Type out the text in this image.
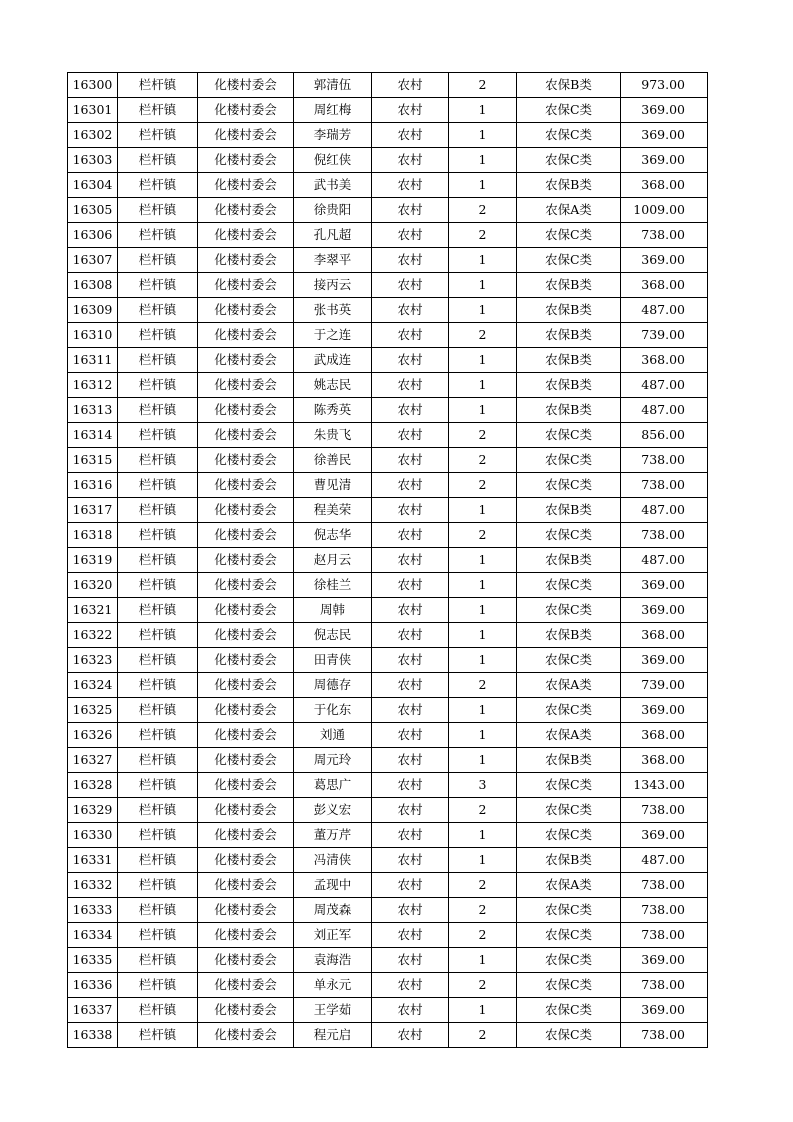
16300	栏杆镇	化楼村委会	郭清伍	农村	2	农保B类	973.00
16301	栏杆镇	化楼村委会	周红梅	农村	1	农保C类	369.00
16302	栏杆镇	化楼村委会	李瑞芳	农村	1	农保C类	369.00
16303	栏杆镇	化楼村委会	倪红侠	农村	1	农保C类	369.00
16304	栏杆镇	化楼村委会	武书美	农村	1	农保B类	368.00
16305	栏杆镇	化楼村委会	徐贵阳	农村	2	农保A类	1009.00
16306	栏杆镇	化楼村委会	孔凡超	农村	2	农保C类	738.00
16307	栏杆镇	化楼村委会	李翠平	农村	1	农保C类	369.00
16308	栏杆镇	化楼村委会	接丙云	农村	1	农保B类	368.00
16309	栏杆镇	化楼村委会	张书英	农村	1	农保B类	487.00
16310	栏杆镇	化楼村委会	于之连	农村	2	农保B类	739.00
16311	栏杆镇	化楼村委会	武成连	农村	1	农保B类	368.00
16312	栏杆镇	化楼村委会	姚志民	农村	1	农保B类	487.00
16313	栏杆镇	化楼村委会	陈秀英	农村	1	农保B类	487.00
16314	栏杆镇	化楼村委会	朱贵飞	农村	2	农保C类	856.00
16315	栏杆镇	化楼村委会	徐善民	农村	2	农保C类	738.00
16316	栏杆镇	化楼村委会	曹见清	农村	2	农保C类	738.00
16317	栏杆镇	化楼村委会	程美荣	农村	1	农保B类	487.00
16318	栏杆镇	化楼村委会	倪志华	农村	2	农保C类	738.00
16319	栏杆镇	化楼村委会	赵月云	农村	1	农保B类	487.00
16320	栏杆镇	化楼村委会	徐桂兰	农村	1	农保C类	369.00
16321	栏杆镇	化楼村委会	周韩	农村	1	农保C类	369.00
16322	栏杆镇	化楼村委会	倪志民	农村	1	农保B类	368.00
16323	栏杆镇	化楼村委会	田青侠	农村	1	农保C类	369.00
16324	栏杆镇	化楼村委会	周德存	农村	2	农保A类	739.00
16325	栏杆镇	化楼村委会	于化东	农村	1	农保C类	369.00
16326	栏杆镇	化楼村委会	刘通	农村	1	农保A类	368.00
16327	栏杆镇	化楼村委会	周元玲	农村	1	农保B类	368.00
16328	栏杆镇	化楼村委会	葛思广	农村	3	农保C类	1343.00
16329	栏杆镇	化楼村委会	彭义宏	农村	2	农保C类	738.00
16330	栏杆镇	化楼村委会	董万芹	农村	1	农保C类	369.00
16331	栏杆镇	化楼村委会	冯清侠	农村	1	农保B类	487.00
16332	栏杆镇	化楼村委会	孟现中	农村	2	农保A类	738.00
16333	栏杆镇	化楼村委会	周茂森	农村	2	农保C类	738.00
16334	栏杆镇	化楼村委会	刘正军	农村	2	农保C类	738.00
16335	栏杆镇	化楼村委会	袁海浩	农村	1	农保C类	369.00
16336	栏杆镇	化楼村委会	单永元	农村	2	农保C类	738.00
16337	栏杆镇	化楼村委会	王学茹	农村	1	农保C类	369.00
16338	栏杆镇	化楼村委会	程元启	农村	2	农保C类	738.00
